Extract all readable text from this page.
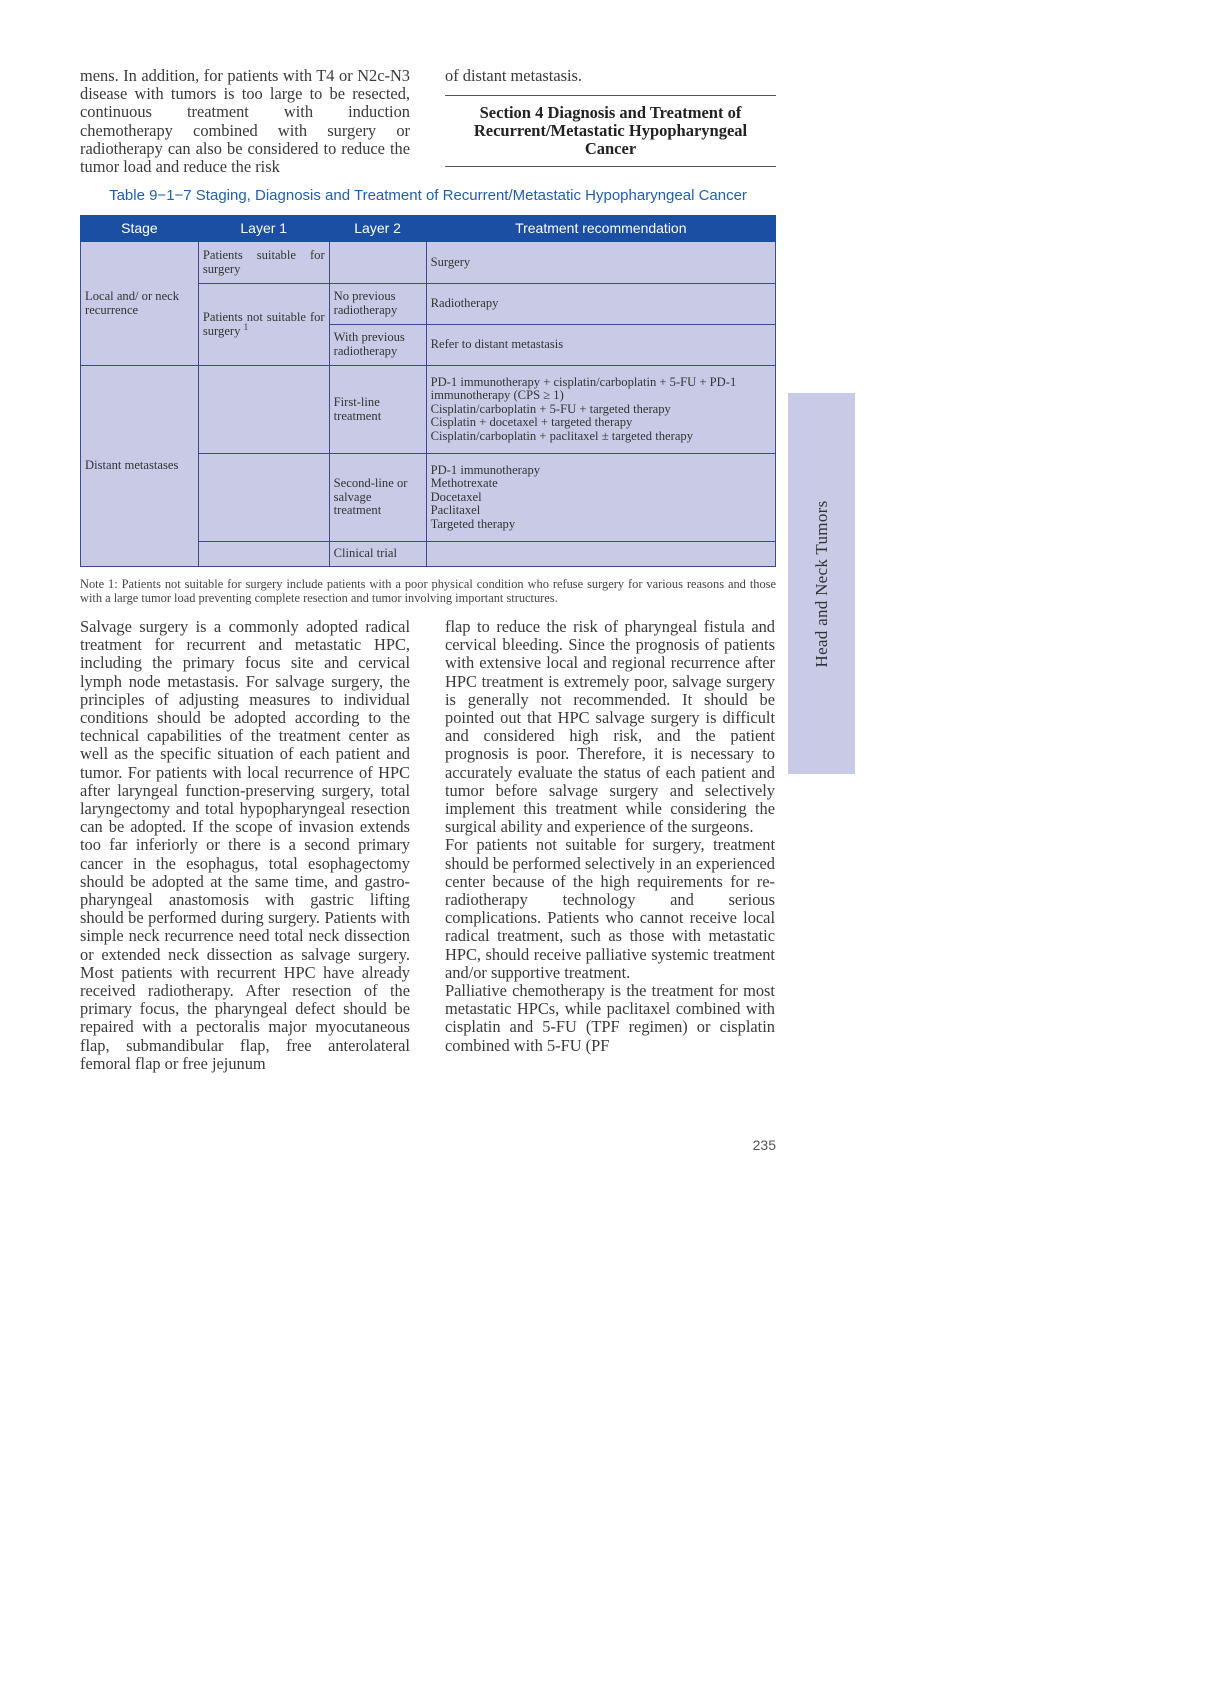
mens. In addition, for patients with T4 or N2c-N3 disease with tumors is too large to be resected, continuous treatment with induction chemotherapy combined with surgery or radiotherapy can also be considered to reduce the tumor load and reduce the risk

of distant metastasis.

Section 4 Diagnosis and Treatment of Recurrent/Metastatic Hypopharyngeal Cancer
Table 9−1−7 Staging, Diagnosis and Treatment of Recurrent/Metastatic Hypopharyngeal Cancer
Stage	Layer 1	Layer 2	Treatment recommendation
Local and/ or neck recurrence	Patients suitable for surgery		Surgery
	Patients not suitable for surgery $^1$	No previous radiotherapy	Radiotherapy
		With previous radiotherapy	Refer to distant metastasis
Distant metastases		First-line treatment	PD-1 immunotherapy + cisplatin/carboplatin + 5-FU + PD-1 immunotherapy (CPS ≥ 1)
Cisplatin/carboplatin + 5-FU + targeted therapy
Cisplatin + docetaxel + targeted therapy
Cisplatin/carboplatin + paclitaxel ± targeted therapy

		Second-line or salvage treatment	PD-1 immunotherapy
Methotrexate
Docetaxel
Paclitaxel
Targeted therapy

		Clinical trial	
Note 1: Patients not suitable for surgery include patients with a poor physical condition who refuse surgery for various reasons and those with a large tumor load preventing complete resection and tumor involving important structures.

Salvage surgery is a commonly adopted radical treatment for recurrent and metastatic HPC, including the primary focus site and cervical lymph node metastasis. For salvage surgery, the principles of adjusting measures to individual conditions should be adopted according to the technical capabilities of the treatment center as well as the specific situation of each patient and tumor. For patients with local recurrence of HPC after laryngeal function-preserving surgery, total laryngectomy and total hypopharyngeal resection can be adopted. If the scope of invasion extends too far inferiorly or there is a second primary cancer in the esophagus, total esophagectomy should be adopted at the same time, and gastro-pharyngeal anastomosis with gastric lifting should be performed during surgery. Patients with simple neck recurrence need total neck dissection or extended neck dissection as salvage surgery. Most patients with recurrent HPC have already received radiotherapy. After resection of the primary focus, the pharyngeal defect should be repaired with a pectoralis major myocutaneous flap, submandibular flap, free anterolateral femoral flap or free jejunum

flap to reduce the risk of pharyngeal fistula and cervical bleeding. Since the prognosis of patients with extensive local and regional recurrence after HPC treatment is extremely poor, salvage surgery is generally not recommended. It should be pointed out that HPC salvage surgery is difficult and considered high risk, and the patient prognosis is poor. Therefore, it is necessary to accurately evaluate the status of each patient and tumor before salvage surgery and selectively implement this treatment while considering the surgical ability and experience of the surgeons.

For patients not suitable for surgery, treatment should be performed selectively in an experienced center because of the high requirements for re-radiotherapy technology and serious complications. Patients who cannot receive local radical treatment, such as those with metastatic HPC, should receive palliative systemic treatment and/or supportive treatment.

Palliative chemotherapy is the treatment for most metastatic HPCs, while paclitaxel combined with cisplatin and 5-FU (TPF regimen) or cisplatin combined with 5-FU (PF

235
Head and Neck Tumors
